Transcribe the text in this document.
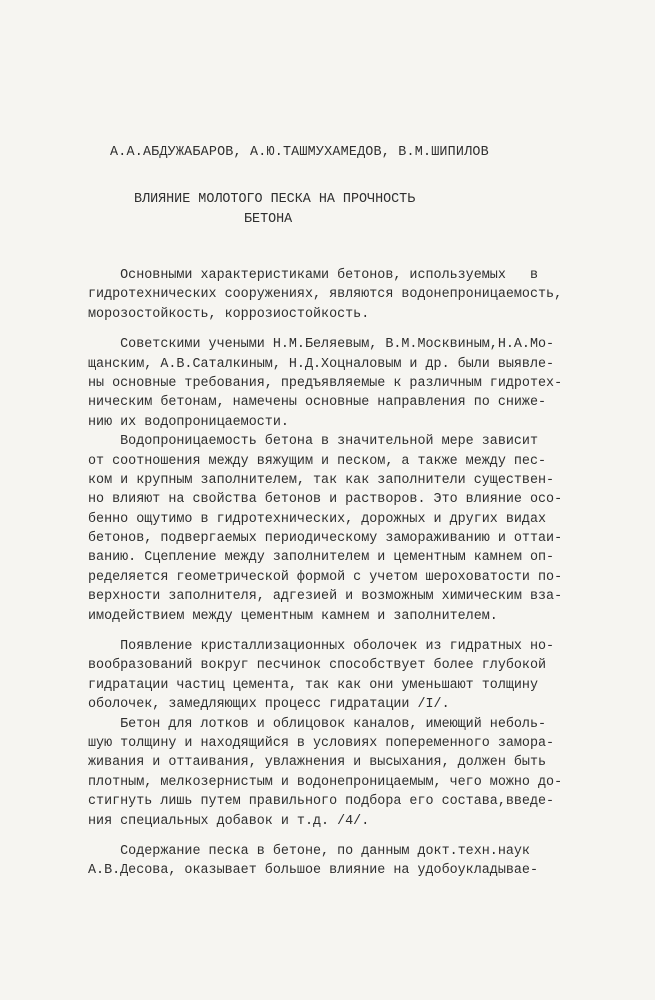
А.А.АБДУЖАБАРОВ, А.Ю.ТАШМУХАМЕДОВ, В.М.ШИПИЛОВ
ВЛИЯНИЕ МОЛОТОГО ПЕСКА НА ПРОЧНОСТЬ
БЕТОНА
Основными характеристиками бетонов, используемых   в
гидротехнических сооружениях, являются водонепроницаемость,
морозостойкость, коррозиостойкость.
Советскими учеными Н.М.Беляевым, В.М.Москвиным,Н.А.Мо-
щанским, А.В.Саталкиным, Н.Д.Хоцналовым и др. были выявле-
ны основные требования, предъявляемые к различным гидротех-
ническим бетонам, намечены основные направления по сниже-
нию их водопроницаемости.
Водопроницаемость бетона в значительной мере зависит
от соотношения между вяжущим и песком, а также между пес-
ком и крупным заполнителем, так как заполнители существен-
но влияют на свойства бетонов и растворов. Это влияние осо-
бенно ощутимо в гидротехнических, дорожных и других видах
бетонов, подвергаемых периодическому замораживанию и оттаи-
ванию. Сцепление между заполнителем и цементным камнем оп-
ределяется геометрической формой с учетом шероховатости по-
верхности заполнителя, адгезией и возможным химическим вза-
имодействием между цементным камнем и заполнителем.
Появление кристаллизационных оболочек из гидратных но-
вообразований вокруг песчинок способствует более глубокой
гидратации частиц цемента, так как они уменьшают толщину
оболочек, замедляющих процесс гидратации /I/.
Бетон для лотков и облицовок каналов, имеющий неболь-
шую толщину и находящийся в условиях попеременного замора-
живания и оттаивания, увлажнения и высыхания, должен быть
плотным, мелкозернистым и водонепроницаемым, чего можно до-
стигнуть лишь путем правильного подбора его состава,введе-
ния специальных добавок и т.д. /4/.
Содержание песка в бетоне, по данным докт.техн.наук
А.В.Десова, оказывает большое влияние на удобоукладывае-
